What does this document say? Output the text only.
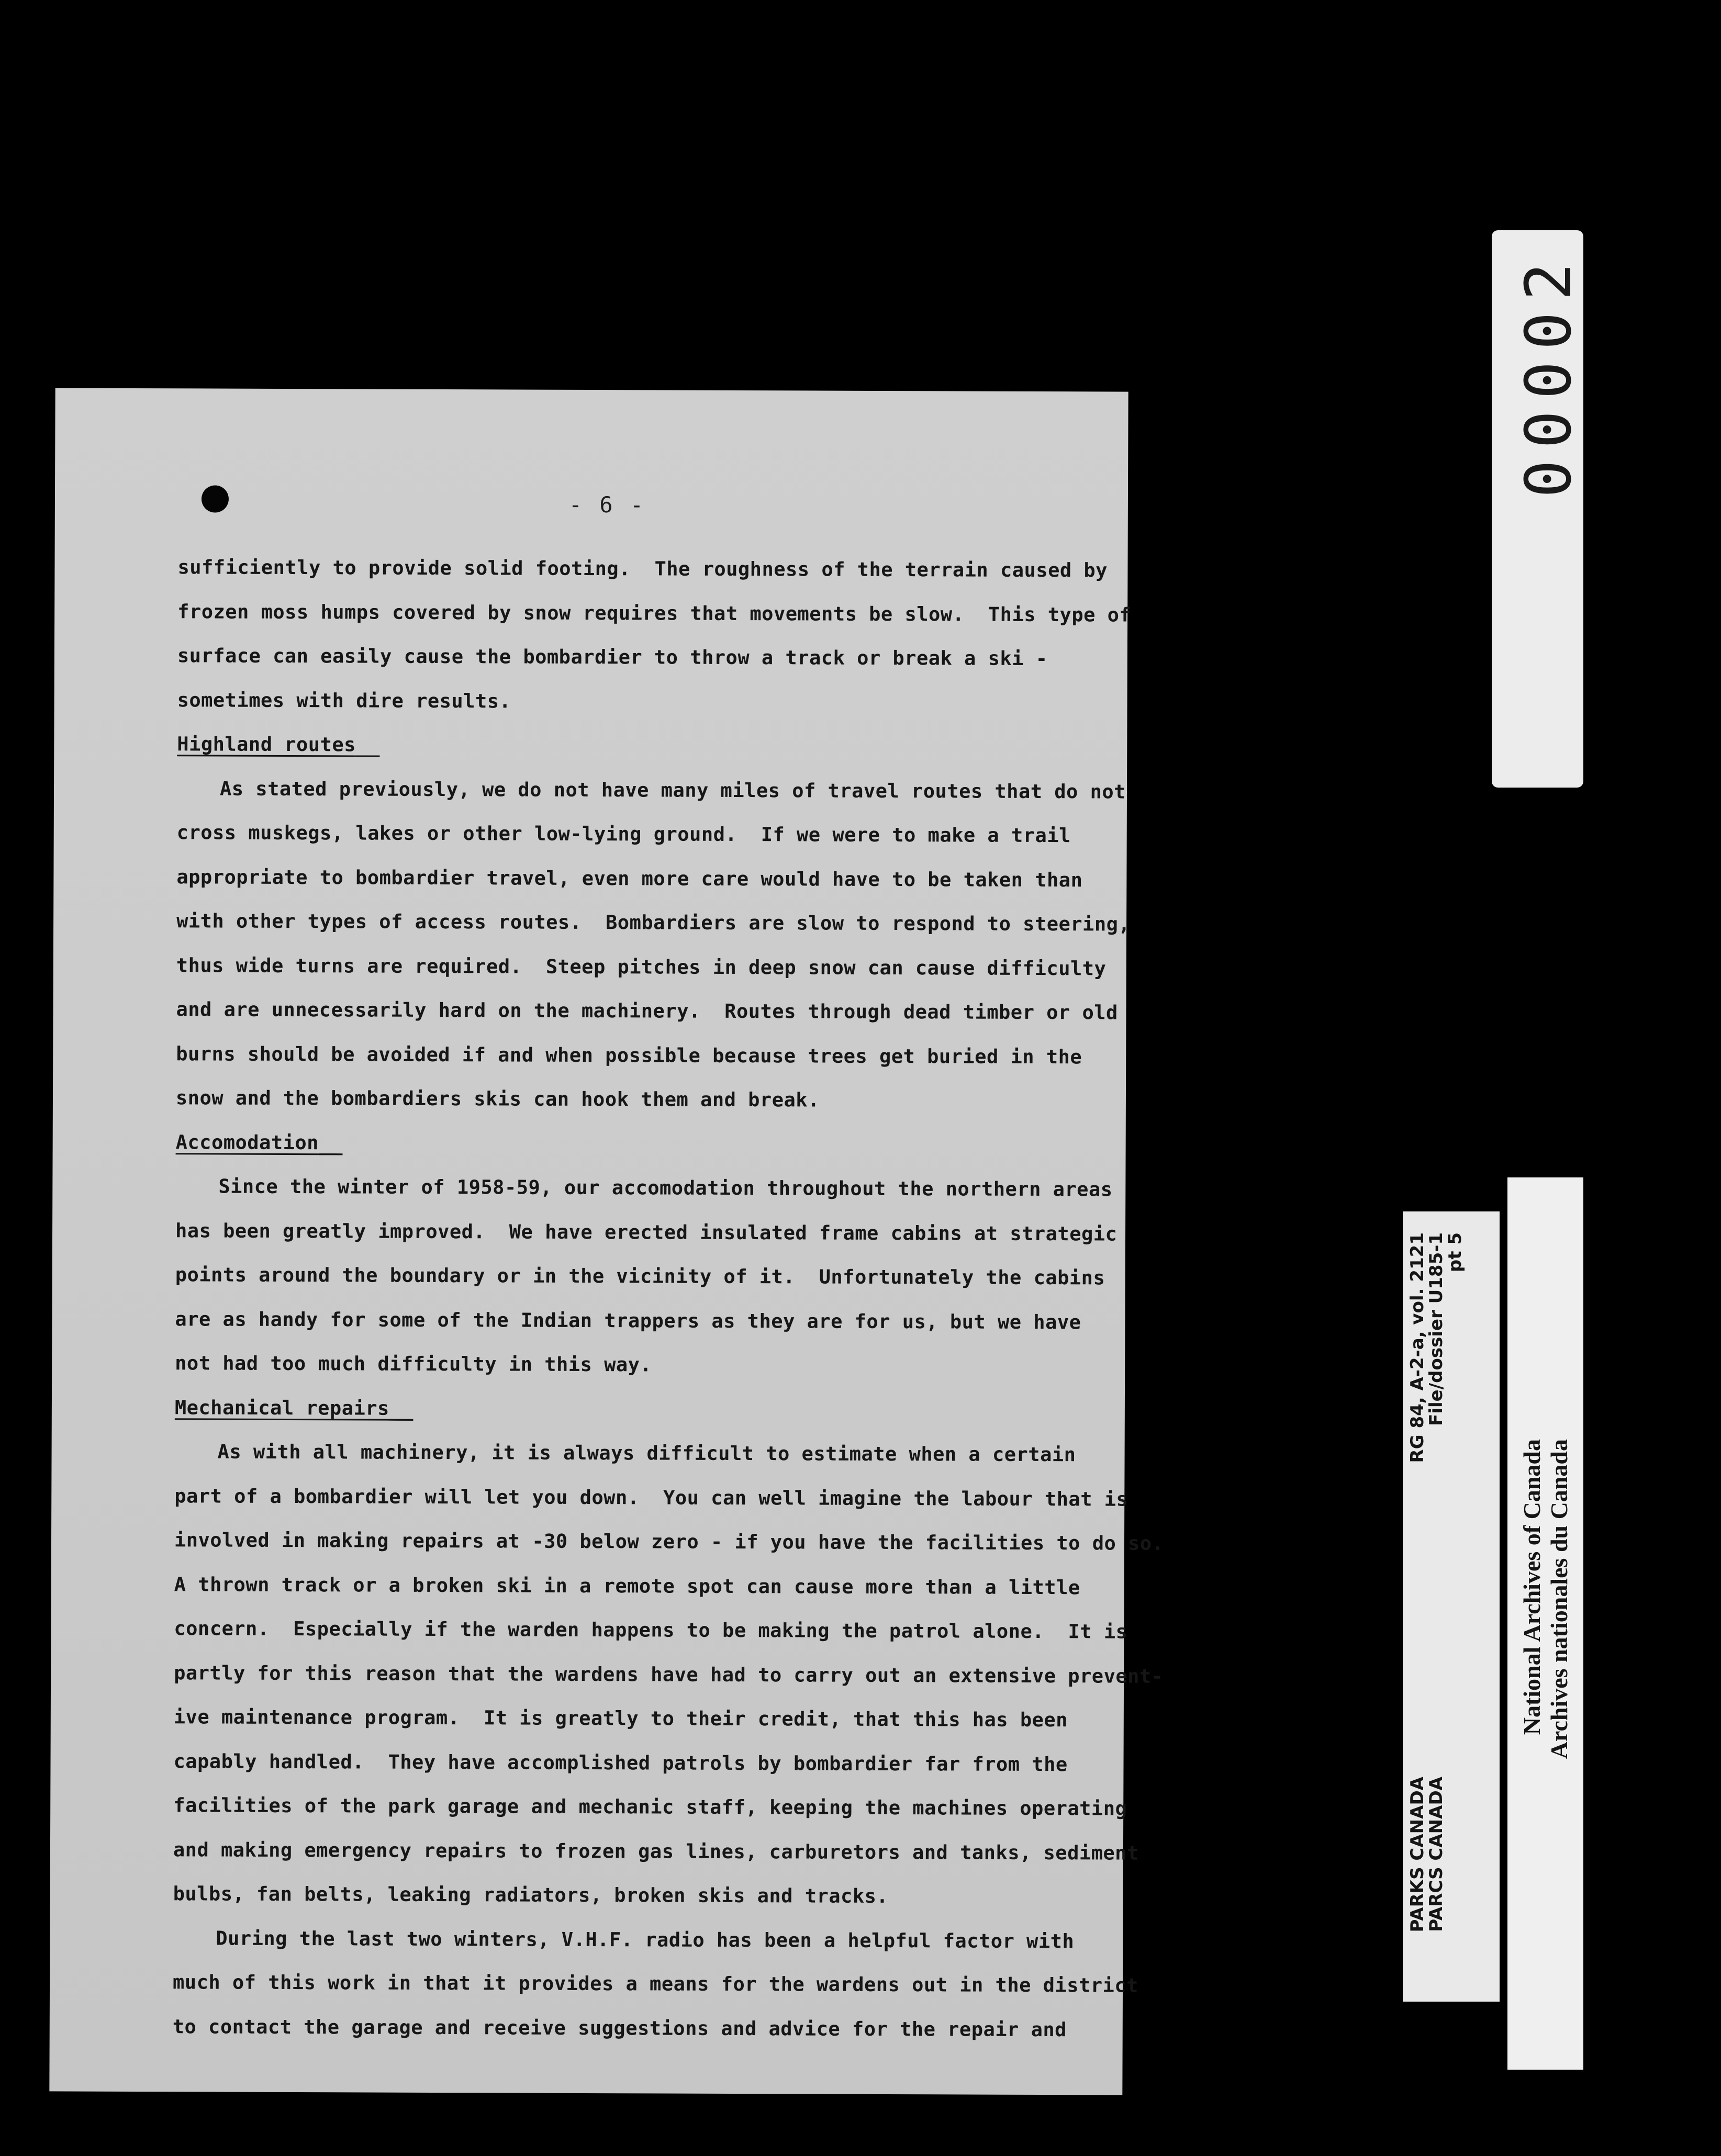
- 6 -
sufficiently to provide solid footing.  The roughness of the terrain caused by
frozen moss humps covered by snow requires that movements be slow.  This type of
surface can easily cause the bombardier to throw a track or break a ski -
sometimes with dire results.
Highland routes
As stated previously, we do not have many miles of travel routes that do not
cross muskegs, lakes or other low-lying ground.  If we were to make a trail
appropriate to bombardier travel, even more care would have to be taken than
with other types of access routes.  Bombardiers are slow to respond to steering,
thus wide turns are required.  Steep pitches in deep snow can cause difficulty
and are unnecessarily hard on the machinery.  Routes through dead timber or old
burns should be avoided if and when possible because trees get buried in the
snow and the bombardiers skis can hook them and break.
Accomodation
Since the winter of 1958-59, our accomodation throughout the northern areas
has been greatly improved.  We have erected insulated frame cabins at strategic
points around the boundary or in the vicinity of it.  Unfortunately the cabins
are as handy for some of the Indian trappers as they are for us, but we have
not had too much difficulty in this way.
Mechanical repairs
As with all machinery, it is always difficult to estimate when a certain
part of a bombardier will let you down.  You can well imagine the labour that is
involved in making repairs at -30 below zero - if you have the facilities to do so.
A thrown track or a broken ski in a remote spot can cause more than a little
concern.  Especially if the warden happens to be making the patrol alone.  It is
partly for this reason that the wardens have had to carry out an extensive prevent-
ive maintenance program.  It is greatly to their credit, that this has been
capably handled.  They have accomplished patrols by bombardier far from the
facilities of the park garage and mechanic staff, keeping the machines operating
and making emergency repairs to frozen gas lines, carburetors and tanks, sediment
bulbs, fan belts, leaking radiators, broken skis and tracks.
During the last two winters, V.H.F. radio has been a helpful factor with
much of this work in that it provides a means for the wardens out in the district
to contact the garage and receive suggestions and advice for the repair and
00002
RG 84, A-2-a, vol. 2121
File/dossier U185-1
pt 5
PARKS CANADA
PARCS CANADA
National Archives of Canada Archives nationales du Canada
